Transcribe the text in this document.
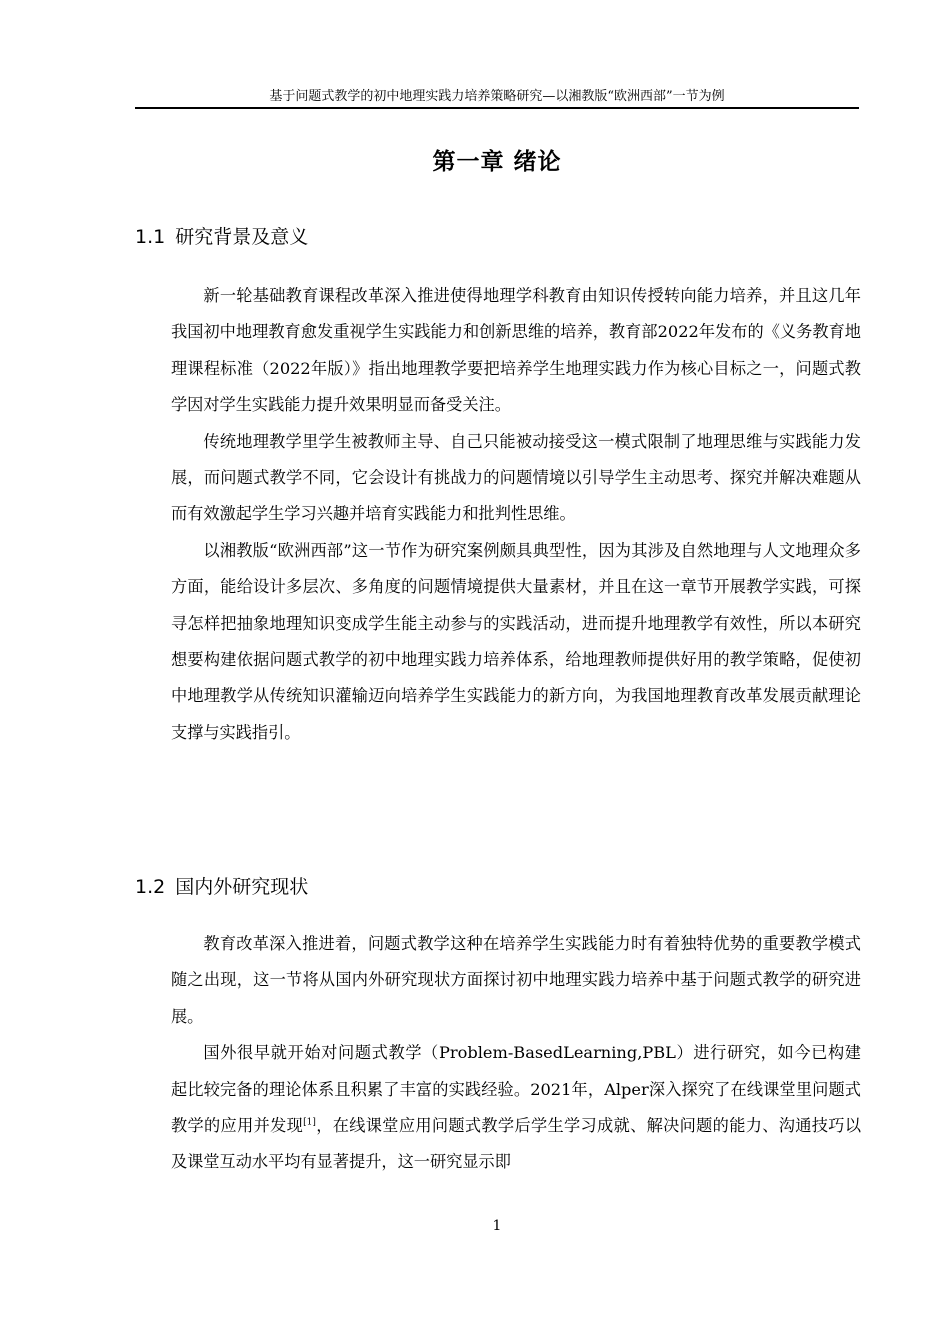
基于问题式教学的初中地理实践力培养策略研究—以湘教版“欧洲西部”一节为例
第一章 绪论
1.1 研究背景及意义

新一轮基础教育课程改革深入推进使得地理学科教育由知识传授转向能力培养，并且这几年我国初中地理教育愈发重视学生实践能力和创新思维的培养，教育部2022年发布的《义务教育地理课程标准（2022年版）》指出地理教学要把培养学生地理实践力作为核心目标之一，问题式教学因对学生实践能力提升效果明显而备受关注。

传统地理教学里学生被教师主导、自己只能被动接受这一模式限制了地理思维与实践能力发展，而问题式教学不同，它会设计有挑战力的问题情境以引导学生主动思考、探究并解决难题从而有效激起学生学习兴趣并培育实践能力和批判性思维。

以湘教版“欧洲西部”这一节作为研究案例颇具典型性，因为其涉及自然地理与人文地理众多方面，能给设计多层次、多角度的问题情境提供大量素材，并且在这一章节开展教学实践，可探寻怎样把抽象地理知识变成学生能主动参与的实践活动，进而提升地理教学有效性，所以本研究想要构建依据问题式教学的初中地理实践力培养体系，给地理教师提供好用的教学策略，促使初中地理教学从传统知识灌输迈向培养学生实践能力的新方向，为我国地理教育改革发展贡献理论支撑与实践指引。

1.2 国内外研究现状

教育改革深入推进着，问题式教学这种在培养学生实践能力时有着独特优势的重要教学模式随之出现，这一节将从国内外研究现状方面探讨初中地理实践力培养中基于问题式教学的研究进展。

国外很早就开始对问题式教学（Problem-BasedLearning,PBL）进行研究，如今已构建起比较完备的理论体系且积累了丰富的实践经验。2021年，Alper深入探究了在线课堂里问题式教学的应用并发现[1]，在线课堂应用问题式教学后学生学习成就、解决问题的能力、沟通技巧以及课堂互动水平均有显著提升，这一研究显示即

1
